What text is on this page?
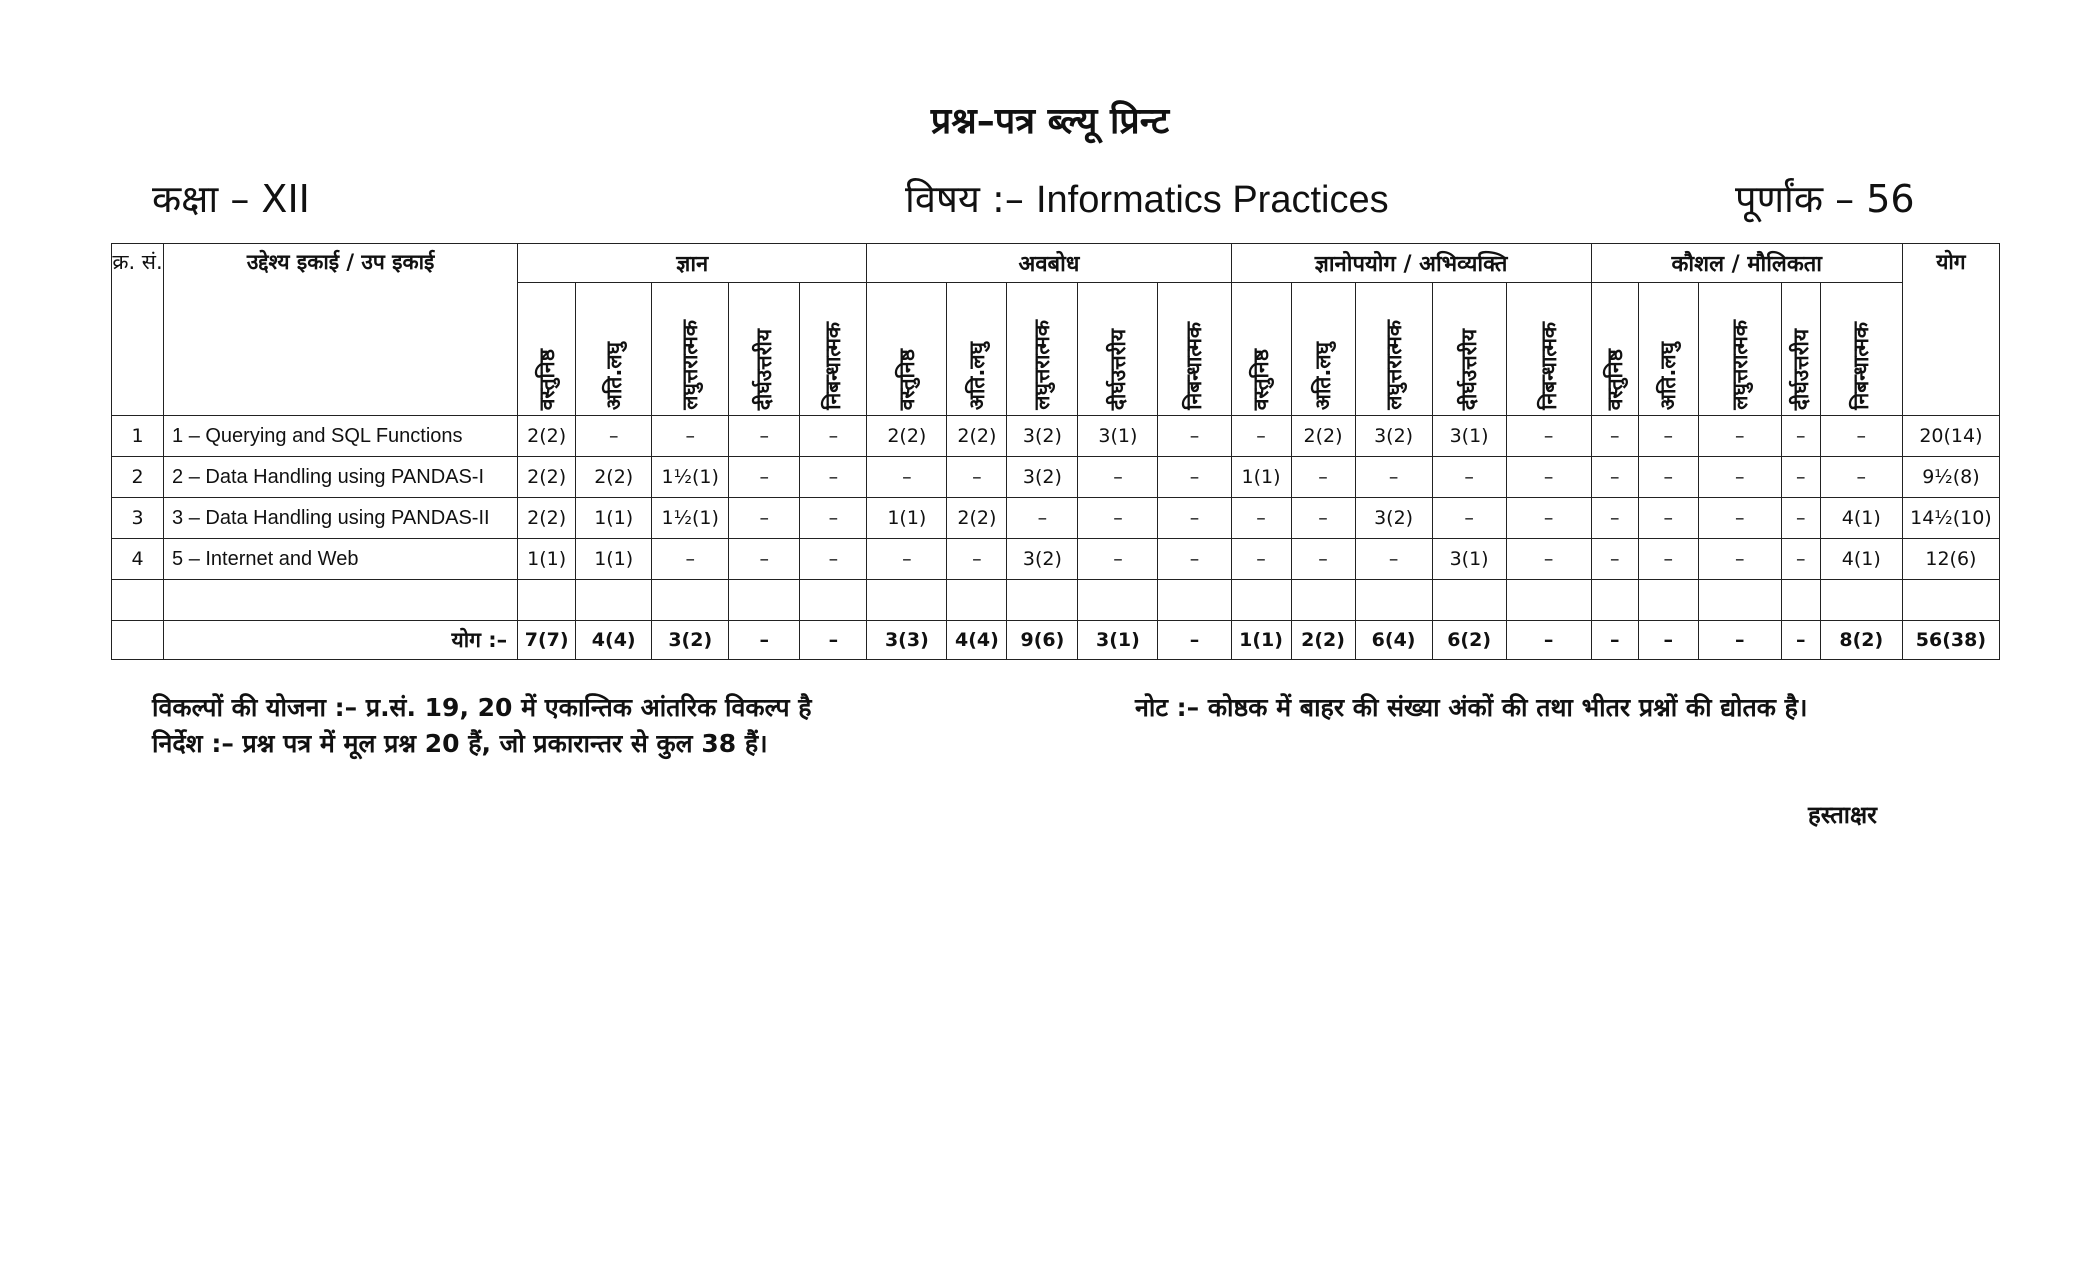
प्रश्न–पत्र ब्ल्यू प्रिन्ट
कक्षा – XII	विषय :– Informatics Practices	पूर्णांक – 56
क्र. सं.	उद्देश्य इकाई / उप इकाई	ज्ञान					अवबोध					ज्ञानोपयोग / अभिव्यक्ति					कौशल / मौलिकता					योग
		वस्तुनिष्ठ	अति.लघु	लघुत्तरात्मक	दीर्घउत्तरीय	निबन्धात्मक	वस्तुनिष्ठ	अति.लघु	लघुत्तरात्मक	दीर्घउत्तरीय	निबन्धात्मक	वस्तुनिष्ठ	अति.लघु	लघुत्तरात्मक	दीर्घउत्तरीय	निबन्धात्मक	वस्तुनिष्ठ	अति.लघु	लघुत्तरात्मक	दीर्घउत्तरीय	निबन्धात्मक	
1	1 – Querying and SQL Functions	2(2)	–	–	–	–	2(2)	2(2)	3(2)	3(1)	–	–	2(2)	3(2)	3(1)	–	–	–	–	–	–	20(14)
2	2 – Data Handling using PANDAS-I	2(2)	2(2)	1½(1)	–	–	–	–	3(2)	–	–	1(1)	–	–	–	–	–	–	–	–	–	9½(8)
3	3 – Data Handling using PANDAS-II	2(2)	1(1)	1½(1)	–	–	1(1)	2(2)	–	–	–	–	–	3(2)	–	–	–	–	–	–	4(1)	14½(10)
4	5 – Internet and Web	1(1)	1(1)	–	–	–	–	–	3(2)	–	–	–	–	–	3(1)	–	–	–	–	–	4(1)	12(6)

	योग :–	7(7)	4(4)	3(2)	–	–	3(3)	4(4)	9(6)	3(1)	–	1(1)	2(2)	6(4)	6(2)	–	–	–	–	–	8(2)	56(38)
विकल्पों की योजना :– प्र.सं. 19, 20 में एकान्तिक आंतरिक विकल्प है
निर्देश :– प्रश्न पत्र में मूल प्रश्न 20 हैं, जो प्रकारान्तर से कुल 38 हैं।
नोट :– कोष्ठक में बाहर की संख्या अंकों की तथा भीतर प्रश्नों की द्योतक है।
हस्ताक्षर
